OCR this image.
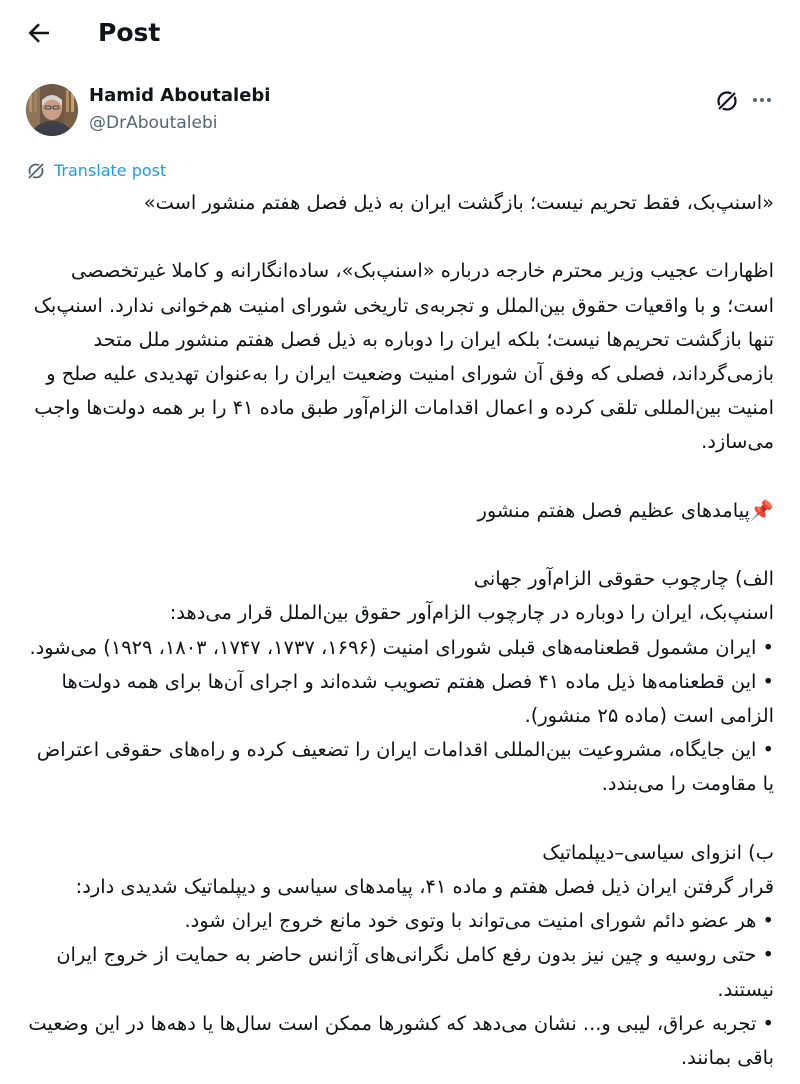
Post
Hamid Aboutalebi
@DrAboutalebi
Translate post

«اسنپ‌بک، فقط تحریم نیست؛ بازگشت ایران به ذیل فصل هفتم منشور است»

اظهارات عجیب وزیر محترم خارجه درباره «اسنپ‌بک»، ساده‌انگارانه و کاملا غیرتخصصی است؛ و با واقعیات حقوق بین‌الملل و تجربه‌ی تاریخی شورای امنیت هم‌خوانی ندارد. اسنپ‌بک تنها بازگشت تحریم‌ها نیست؛ بلکه ایران را دوباره به ذیل فصل هفتم منشور ملل متحد بازمی‌گرداند، فصلی که وفق آن شورای امنیت وضعیت ایران را به‌عنوان تهدیدی علیه صلح و امنیت بین‌المللی تلقی کرده و اعمال اقدامات الزام‌آور طبق ماده ۴۱ را بر همه دولت‌ها واجب می‌سازد.

📌پیامدهای عظیم فصل هفتم منشور

الف) چارچوب حقوقی الزام‌آور جهانی

اسنپ‌بک، ایران را دوباره در چارچوب الزام‌آور حقوق بین‌الملل قرار می‌دهد:

• ایران مشمول قطعنامه‌های قبلی شورای امنیت (۱۶۹۶، ۱۷۳۷، ۱۷۴۷، ۱۸۰۳، ۱۹۲۹) می‌شود.

• این قطعنامه‌ها ذیل ماده ۴۱ فصل هفتم تصویب شده‌اند و اجرای آن‌ها برای همه دولت‌ها الزامی است (ماده ۲۵ منشور).

• این جایگاه، مشروعیت بین‌المللی اقدامات ایران را تضعیف کرده و راه‌های حقوقی اعتراض یا مقاومت را می‌بندد.

ب) انزوای سیاسی–دیپلماتیک

قرار گرفتن ایران ذیل فصل هفتم و ماده ۴۱، پیامدهای سیاسی و دیپلماتیک شدیدی دارد:

• هر عضو دائم شورای امنیت می‌تواند با وتوی خود مانع خروج ایران شود.

• حتی روسیه و چین نیز بدون رفع کامل نگرانی‌های آژانس حاضر به حمایت از خروج ایران نیستند.

• تجربه عراق، لیبی و... نشان می‌دهد که کشورها ممکن است سال‌ها یا دهه‌ها در این وضعیت باقی بمانند.
